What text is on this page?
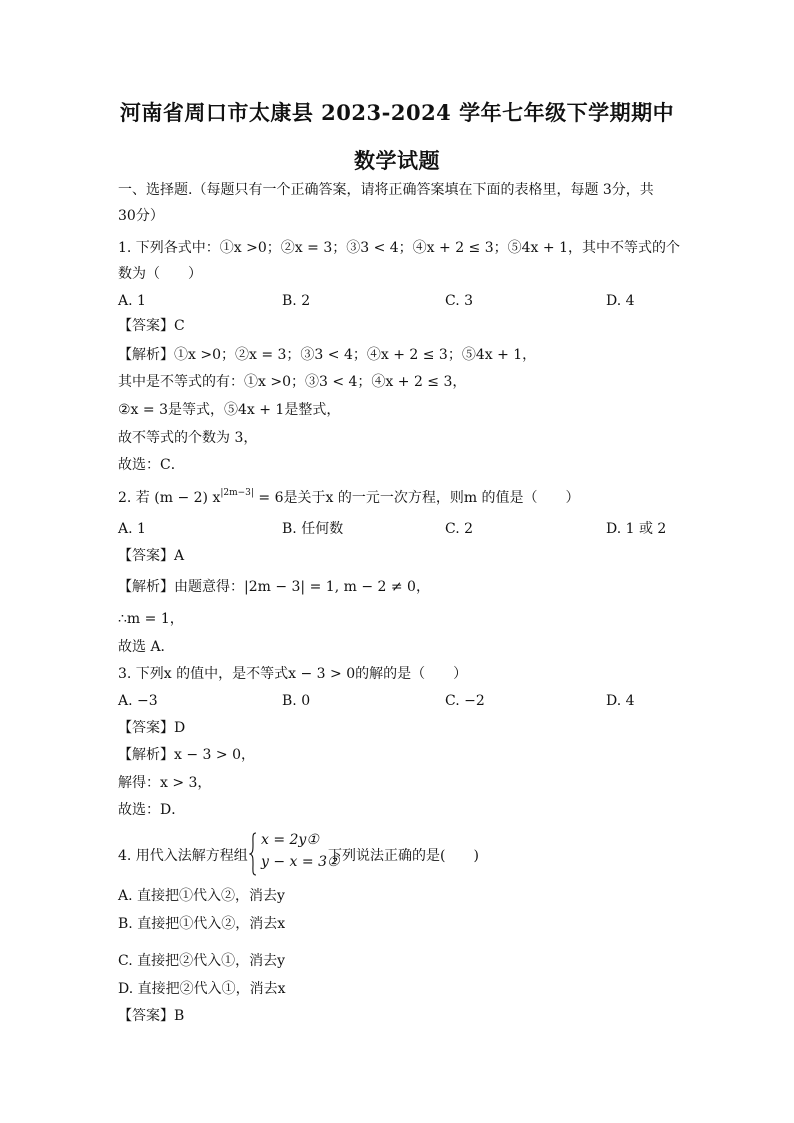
河南省周口市太康县 2023-2024 学年七年级下学期期中
数学试题
一、选择题.（每题只有一个正确答案，请将正确答案填在下面的表格里，每题 3分，共
30分）
1. 下列各式中：①x >0；②x = 3；③3 < 4；④x + 2 ≤ 3；⑤4x + 1，其中不等式的个
数为（　　）
A. 1	B. 2	C. 3	D. 4
【答案】C
【解析】①x >0；②x = 3；③3 < 4；④x + 2 ≤ 3；⑤4x + 1，
其中是不等式的有：①x >0；③3 < 4；④x + 2 ≤ 3，
②x = 3是等式，⑤4x + 1是整式，
故不等式的个数为 3，
故选：C．
2. 若 (m − 2) $x^{|2m-3|} = 6$是关于x 的一元一次方程，则m 的值是（　　）
A. 1	B. 任何数	C. 2	D. 1 或 2
【答案】A
【解析】由题意得：|2m − 3| = 1, m − 2 ≠ 0，
∴m = 1，
故选 A．
3. 下列x 的值中，是不等式x − 3 > 0的解的是（　　）
A. −3	B. 0	C. −2	D. 4
【答案】D
【解析】x − 3 > 0，
解得：x > 3，
故选：D．
4. 用代入法解方程组
x = 2y①
y − x = 3②
下列说法正确的是(　　)
A. 直接把①代入②，消去y
B. 直接把①代入②，消去x
C. 直接把②代入①，消去y
D. 直接把②代入①，消去x
【答案】B
